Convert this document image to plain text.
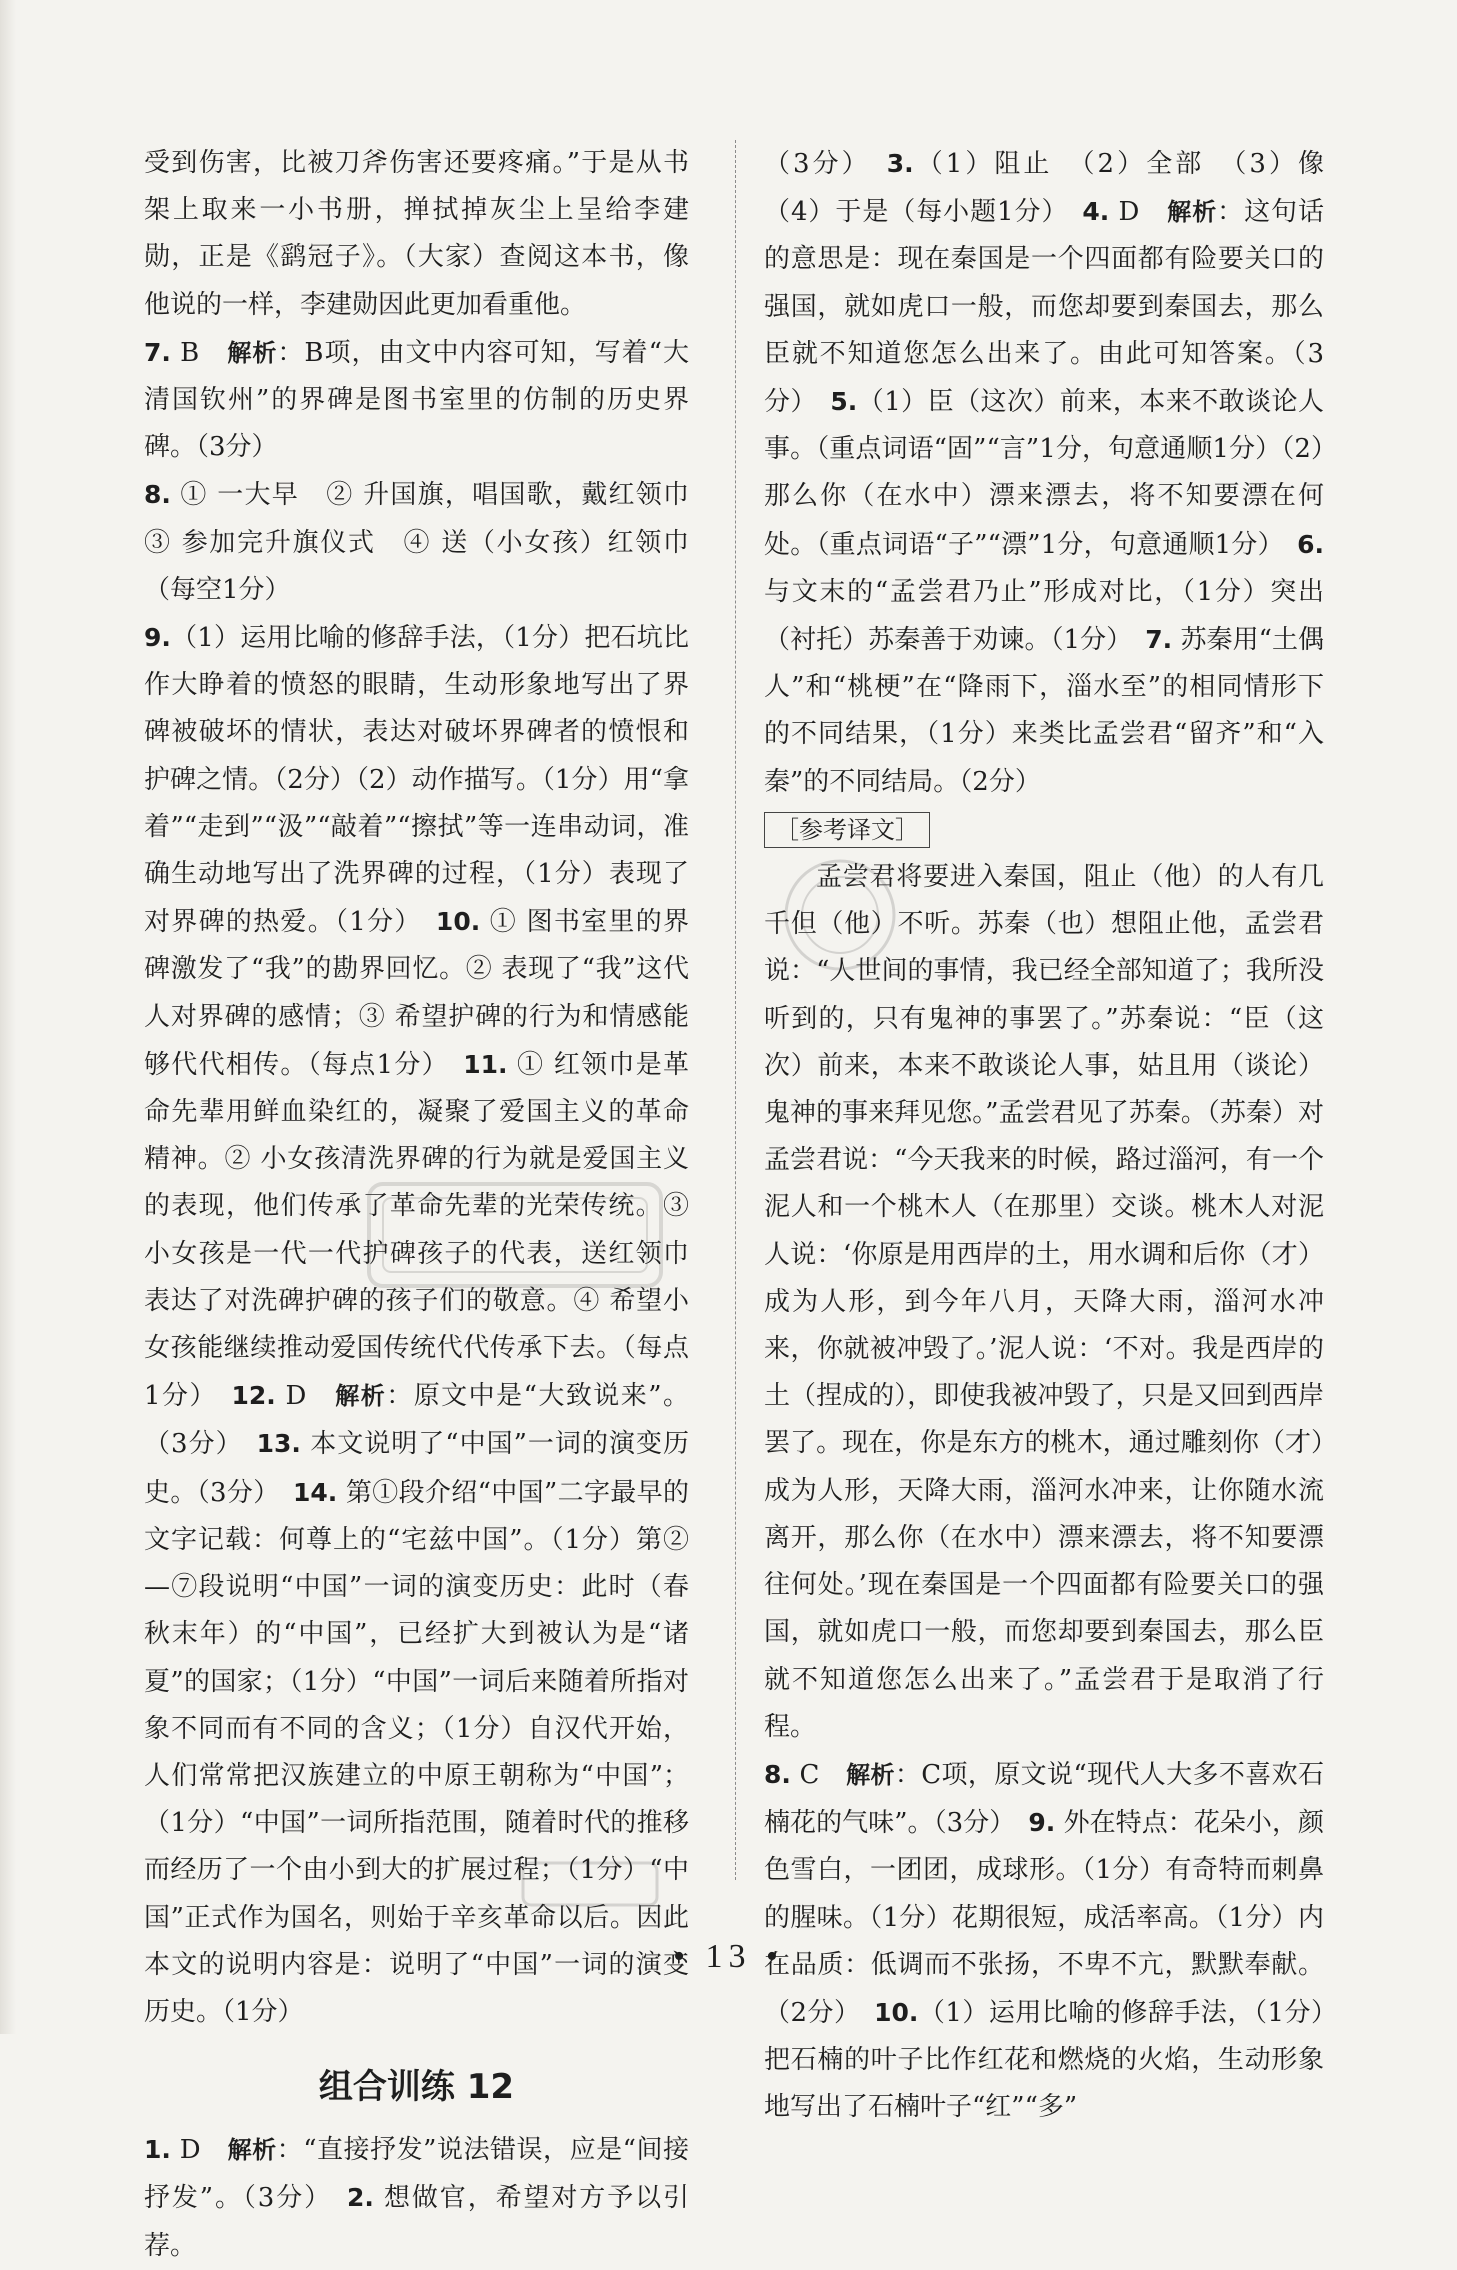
受到伤害，比被刀斧伤害还要疼痛。”于是从书架上取来一小书册，掸拭掉灰尘上呈给李建勋，正是《鹞冠子》。（大家）查阅这本书，像他说的一样，李建勋因此更加看重他。

7. B　解析：B项，由文中内容可知，写着“大清国钦州”的界碑是图书室里的仿制的历史界碑。（3分）

8. ① 一大早　② 升国旗，唱国歌，戴红领巾　③ 参加完升旗仪式　④ 送（小女孩）红领巾（每空1分）

9.（1）运用比喻的修辞手法，（1分）把石坑比作大睁着的愤怒的眼睛，生动形象地写出了界碑被破坏的情状，表达对破坏界碑者的愤恨和护碑之情。（2分）（2）动作描写。（1分）用“拿着”“走到”“汲”“敲着”“擦拭”等一连串动词，准确生动地写出了洗界碑的过程，（1分）表现了对界碑的热爱。（1分）　10. ① 图书室里的界碑激发了“我”的勘界回忆。② 表现了“我”这代人对界碑的感情；③ 希望护碑的行为和情感能够代代相传。（每点1分）　11. ① 红领巾是革命先辈用鲜血染红的，凝聚了爱国主义的革命精神。② 小女孩清洗界碑的行为就是爱国主义的表现，他们传承了革命先辈的光荣传统。③ 小女孩是一代一代护碑孩子的代表，送红领巾表达了对洗碑护碑的孩子们的敬意。④ 希望小女孩能继续推动爱国传统代代传承下去。（每点1分）　12. D　解析：原文中是“大致说来”。（3分）　13. 本文说明了“中国”一词的演变历史。（3分）　14. 第①段介绍“中国”二字最早的文字记载：何尊上的“宅兹中国”。（1分）第②—⑦段说明“中国”一词的演变历史：此时（春秋末年）的“中国”，已经扩大到被认为是“诸夏”的国家；（1分）“中国”一词后来随着所指对象不同而有不同的含义；（1分）自汉代开始，人们常常把汉族建立的中原王朝称为“中国”；（1分）“中国”一词所指范围，随着时代的推移而经历了一个由小到大的扩展过程；（1分）“中国”正式作为国名，则始于辛亥革命以后。因此本文的说明内容是：说明了“中国”一词的演变历史。（1分）

组合训练 12

1. D　解析：“直接抒发”说法错误，应是“间接抒发”。（3分）　2. 想做官，希望对方予以引荐。

（3分）　3.（1）阻止　（2）全部　（3）像　（4）于是（每小题1分）　4. D　解析：这句话的意思是：现在秦国是一个四面都有险要关口的强国，就如虎口一般，而您却要到秦国去，那么臣就不知道您怎么出来了。由此可知答案。（3分）　5.（1）臣（这次）前来，本来不敢谈论人事。（重点词语“固”“言”1分，句意通顺1分）（2）那么你（在水中）漂来漂去，将不知要漂在何处。（重点词语“子”“漂”1分，句意通顺1分）　6. 与文末的“孟尝君乃止”形成对比，（1分）突出（衬托）苏秦善于劝谏。（1分）　7. 苏秦用“土偶人”和“桃梗”在“降雨下，淄水至”的相同情形下的不同结果，（1分）来类比孟尝君“留齐”和“入秦”的不同结局。（2分）

［参考译文］

孟尝君将要进入秦国，阻止（他）的人有几千但（他）不听。苏秦（也）想阻止他，孟尝君说：“人世间的事情，我已经全部知道了；我所没听到的，只有鬼神的事罢了。”苏秦说：“臣（这次）前来，本来不敢谈论人事，姑且用（谈论）鬼神的事来拜见您。”孟尝君见了苏秦。（苏秦）对孟尝君说：“今天我来的时候，路过淄河，有一个泥人和一个桃木人（在那里）交谈。桃木人对泥人说：‘你原是用西岸的土，用水调和后你（才）成为人形，到今年八月，天降大雨，淄河水冲来，你就被冲毁了。’泥人说：‘不对。我是西岸的土（捏成的），即使我被冲毁了，只是又回到西岸罢了。现在，你是东方的桃木，通过雕刻你（才）成为人形，天降大雨，淄河水冲来，让你随水流离开，那么你（在水中）漂来漂去，将不知要漂往何处。’现在秦国是一个四面都有险要关口的强国，就如虎口一般，而您却要到秦国去，那么臣就不知道您怎么出来了。”孟尝君于是取消了行程。

8. C　解析：C项，原文说“现代人大多不喜欢石楠花的气味”。（3分）　9. 外在特点：花朵小，颜色雪白，一团团，成球形。（1分）有奇特而刺鼻的腥味。（1分）花期很短，成活率高。（1分）内在品质：低调而不张扬，不卑不亢，默默奉献。（2分）　10.（1）运用比喻的修辞手法，（1分）把石楠的叶子比作红花和燃烧的火焰，生动形象地写出了石楠叶子“红”“多”

• 13 •
